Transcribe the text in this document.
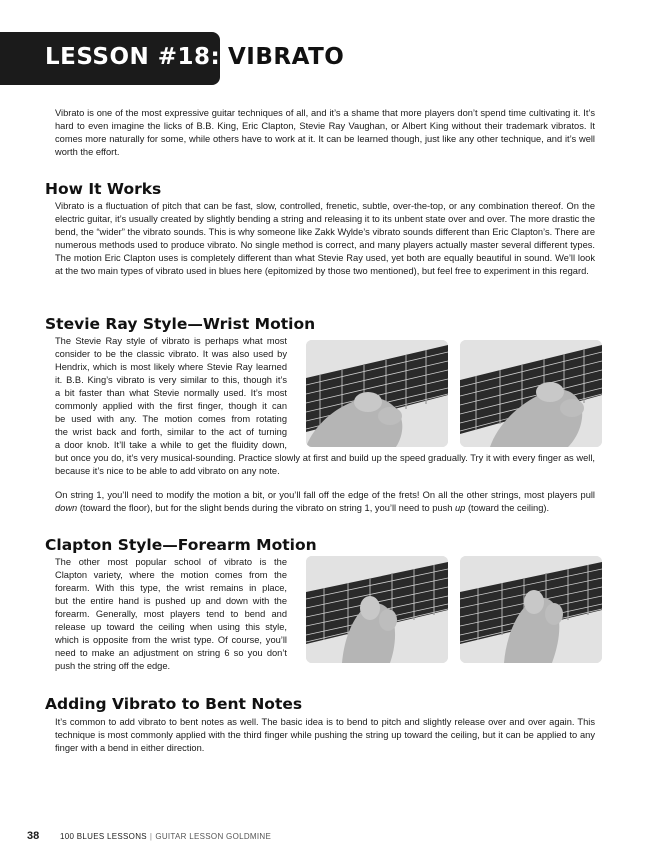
LESSON #18: VIBRATO

Vibrato is one of the most expressive guitar techniques of all, and it’s a shame that more players don’t spend time cultivating it. It’s hard to even imagine the licks of B.B. King, Eric Clapton, Stevie Ray Vaughan, or Albert King without their trademark vibratos. It comes more naturally for some, while others have to work at it. It can be learned though, just like any other technique, and it’s well worth the effort.

How It Works

Vibrato is a fluctuation of pitch that can be fast, slow, controlled, frenetic, subtle, over-the-top, or any combination thereof. On the electric guitar, it’s usually created by slightly bending a string and releasing it to its unbent state over and over. The more drastic the bend, the “wider” the vibrato sounds. This is why someone like Zakk Wylde’s vibrato sounds different than Eric Clapton’s. There are numerous methods used to produce vibrato. No single method is correct, and many players actually master several different types. The motion Eric Clapton uses is completely different than what Stevie Ray used, yet both are equally beautiful in sound. We’ll look at the two main types of vibrato used in blues here (epitomized by those two mentioned), but feel free to experiment in this regard.

Stevie Ray Style—Wrist Motion
The Stevie Ray style of vibrato is perhaps what most
consider to be the classic vibrato. It was also used by
Hendrix, which is most likely where Stevie Ray learned
it. B.B. King’s vibrato is very similar to this, though it’s
a bit faster than what Stevie normally used. It’s most
commonly applied with the first finger, though it can
be used with any. The motion comes from rotating
the wrist back and forth, similar to the act of turning
a door knob. It’ll take a while to get the fluidity down,

but once you do, it’s very musical-sounding. Practice slowly at first and build up the speed gradually. Try it with every finger as well, because it’s nice to be able to add vibrato on any note.

On string 1, you’ll need to modify the motion a bit, or you’ll fall off the edge of the frets! On all the other strings, most players pull down (toward the floor), but for the slight bends during the vibrato on string 1, you’ll need to push up (toward the ceiling).

Clapton Style—Forearm Motion
The other most popular school of vibrato is the
Clapton variety, where the motion comes from the
forearm. With this type, the wrist remains in place,
but the entire hand is pushed up and down with the
forearm. Generally, most players tend to bend and
release up toward the ceiling when using this style,
which is opposite from the wrist type. Of course, you’ll
need to make an adjustment on string 6 so you don’t
push the string off the edge.
Adding Vibrato to Bent Notes

It’s common to add vibrato to bent notes as well. The basic idea is to bend to pitch and slightly release over and over again. This technique is most commonly applied with the third finger while pushing the string up toward the ceiling, but it can be applied to any finger with a bend in either direction.

38	100 BLUES LESSONS | GUITAR LESSON GOLDMINE
